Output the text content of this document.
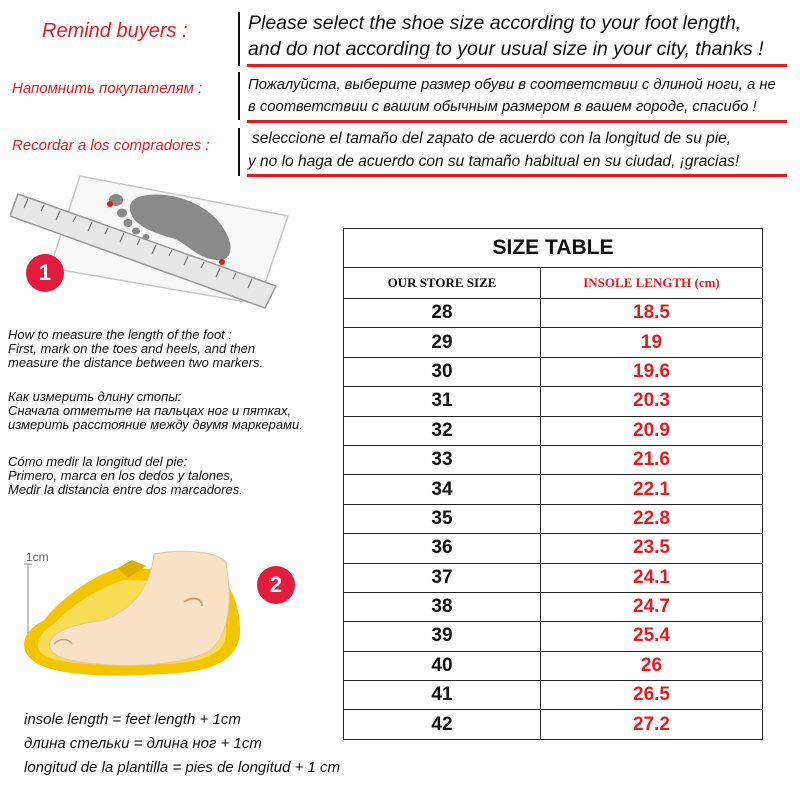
Remind buyers :
Напомнить покупателям :
Recordar a los compradores :
Please select the shoe size according to your foot length,
and do not according to your usual size in your city, thanks !
Пожалуйста, выберите размер обуви в соответствии с длиной ноги, а не
в соответствии с вашим обычным размером в вашем городе, спасибо !
seleccione el tamaño del zapato de acuerdo con la longitud de su pie,
y no lo haga de acuerdo con su tamaño habitual en su ciudad, ¡gracias!
1
How to measure the length of the foot :
First, mark on the toes and heels, and then
measure the distance between two markers.
Как измерить длину стопы:
Сначала отметьте на пальцах ног и пятках,
измерить расстояние между двумя маркерами.
Cómo medir la longitud del pie:
Primero, marca en los dedos y talones,
Medir la distancia entre dos marcadores.
1cm
2
insole length = feet length + 1cm
длина стельки = длина ног + 1cm
longitud de la plantilla = pies de longitud + 1 cm
SIZE TABLE	
OUR STORE SIZE	INSOLE LENGTH (cm)
28	18.5
29	19
30	19.6
31	20.3
32	20.9
33	21.6
34	22.1
35	22.8
36	23.5
37	24.1
38	24.7
39	25.4
40	26
41	26.5
42	27.2
